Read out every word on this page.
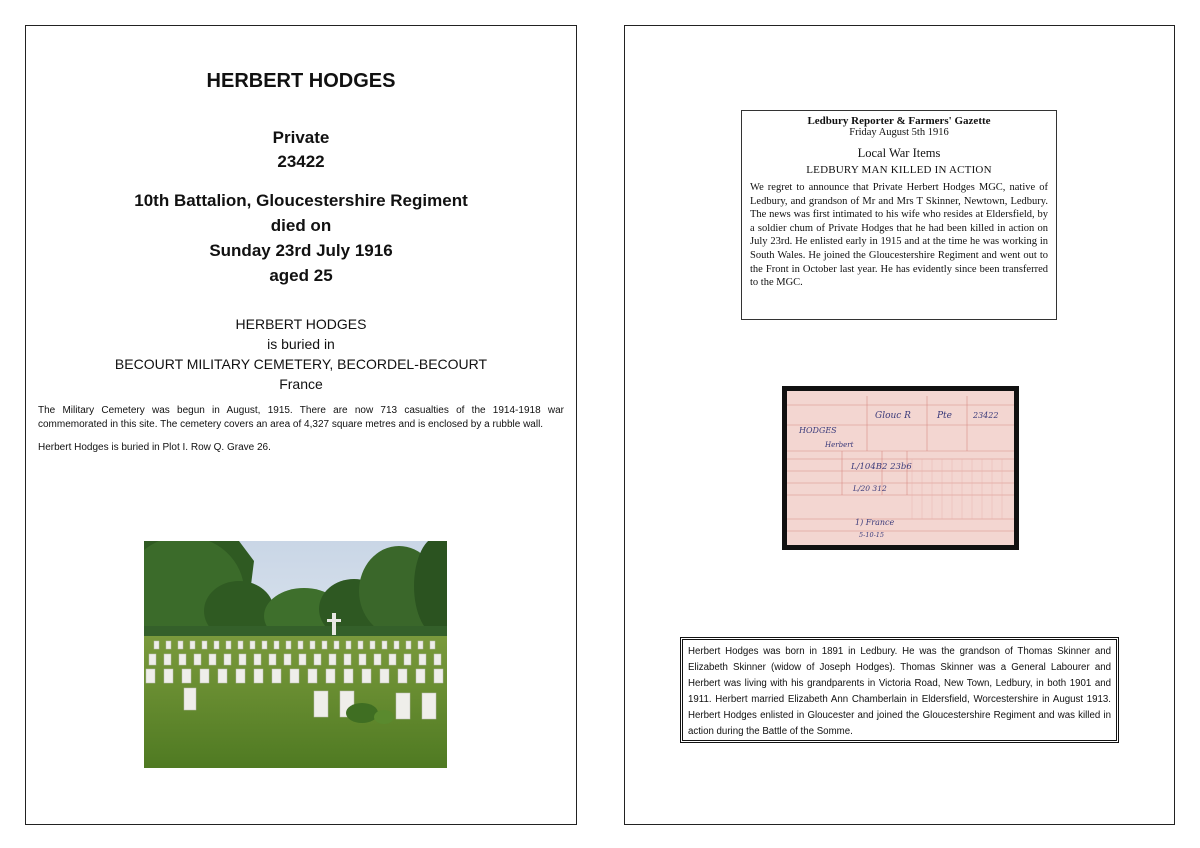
HERBERT HODGES
Private
23422
10th Battalion, Gloucestershire Regiment
died on
Sunday 23rd July 1916
aged 25
HERBERT HODGES
is buried in
BECOURT MILITARY CEMETERY, BECORDEL-BECOURT
France
The Military Cemetery was begun in August, 1915. There are now 713 casualties of the 1914-1918 war commemorated in this site. The cemetery covers an area of 4,327 square metres and is enclosed by a rubble wall.
Herbert Hodges is buried in Plot I. Row Q. Grave 26.
Ledbury Reporter & Farmers' Gazette
Friday August 5th 1916
Local War Items
LEDBURY MAN KILLED IN ACTION
We regret to announce that Private Herbert Hodges MGC, native of Ledbury, and grandson of Mr and Mrs T Skinner, Newtown, Ledbury. The news was first intimated to his wife who resides at Eldersfield, by a soldier chum of Private Hodges that he had been killed in action on July 23rd. He enlisted early in 1915 and at the time he was working in South Wales. He joined the Gloucestershire Regiment and went out to the Front in October last year. He has evidently since been transferred to the MGC.
HODGES
Herbert
Glouc R	Pte	23422
L/104B2 23b6
L/20 312
1) France
5-10-15
Herbert Hodges was born in 1891 in Ledbury. He was the grandson of Thomas Skinner and Elizabeth Skinner (widow of Joseph Hodges). Thomas Skinner was a General Labourer and Herbert was living with his grandparents in Victoria Road, New Town, Ledbury, in both 1901 and 1911. Herbert married Elizabeth Ann Chamberlain in Eldersfield, Worcestershire in August 1913. Herbert Hodges enlisted in Gloucester and joined the Gloucestershire Regiment and was killed in action during the Battle of the Somme.
